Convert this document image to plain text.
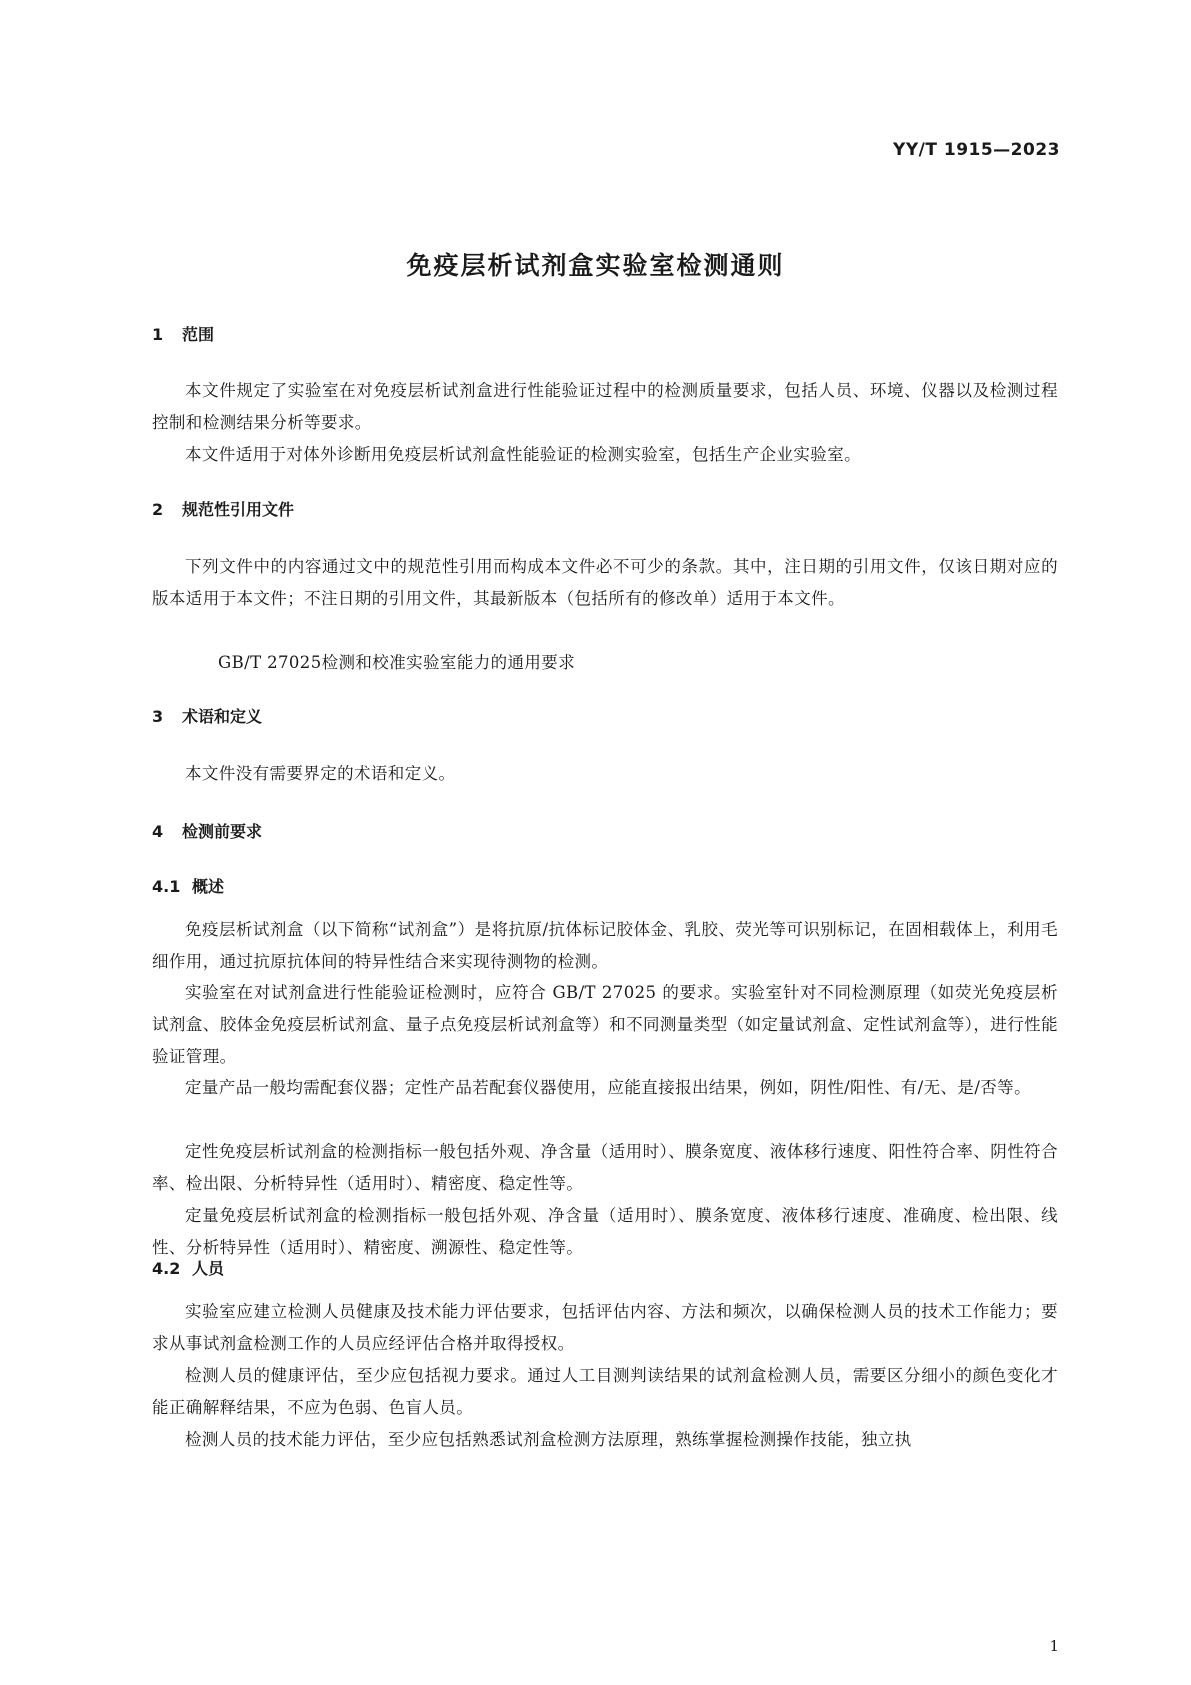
YY/T 1915—2023
免疫层析试剂盒实验室检测通则
1 范围

本文件规定了实验室在对免疫层析试剂盒进行性能验证过程中的检测质量要求，包括人员、环境、仪器以及检测过程控制和检测结果分析等要求。

本文件适用于对体外诊断用免疫层析试剂盒性能验证的检测实验室，包括生产企业实验室。

2 规范性引用文件

下列文件中的内容通过文中的规范性引用而构成本文件必不可少的条款。其中，注日期的引用文件，仅该日期对应的版本适用于本文件；不注日期的引用文件，其最新版本（包括所有的修改单）适用于本文件。

GB/T 27025检测和校准实验室能力的通用要求

3 术语和定义

本文件没有需要界定的术语和定义。

4 检测前要求
4.1 概述

免疫层析试剂盒（以下简称“试剂盒”）是将抗原/抗体标记胶体金、乳胶、荧光等可识别标记，在固相载体上，利用毛细作用，通过抗原抗体间的特异性结合来实现待测物的检测。

实验室在对试剂盒进行性能验证检测时，应符合 GB/T 27025 的要求。实验室针对不同检测原理（如荧光免疫层析试剂盒、胶体金免疫层析试剂盒、量子点免疫层析试剂盒等）和不同测量类型（如定量试剂盒、定性试剂盒等），进行性能验证管理。

定量产品一般均需配套仪器；定性产品若配套仪器使用，应能直接报出结果，例如，阴性/阳性、有/无、是/否等。

定性免疫层析试剂盒的检测指标一般包括外观、净含量（适用时）、膜条宽度、液体移行速度、阳性符合率、阴性符合率、检出限、分析特异性（适用时）、精密度、稳定性等。

定量免疫层析试剂盒的检测指标一般包括外观、净含量（适用时）、膜条宽度、液体移行速度、准确度、检出限、线性、分析特异性（适用时）、精密度、溯源性、稳定性等。

4.2 人员

实验室应建立检测人员健康及技术能力评估要求，包括评估内容、方法和频次，以确保检测人员的技术工作能力；要求从事试剂盒检测工作的人员应经评估合格并取得授权。

检测人员的健康评估，至少应包括视力要求。通过人工目测判读结果的试剂盒检测人员，需要区分细小的颜色变化才能正确解释结果，不应为色弱、色盲人员。

检测人员的技术能力评估，至少应包括熟悉试剂盒检测方法原理，熟练掌握检测操作技能，独立执

1
